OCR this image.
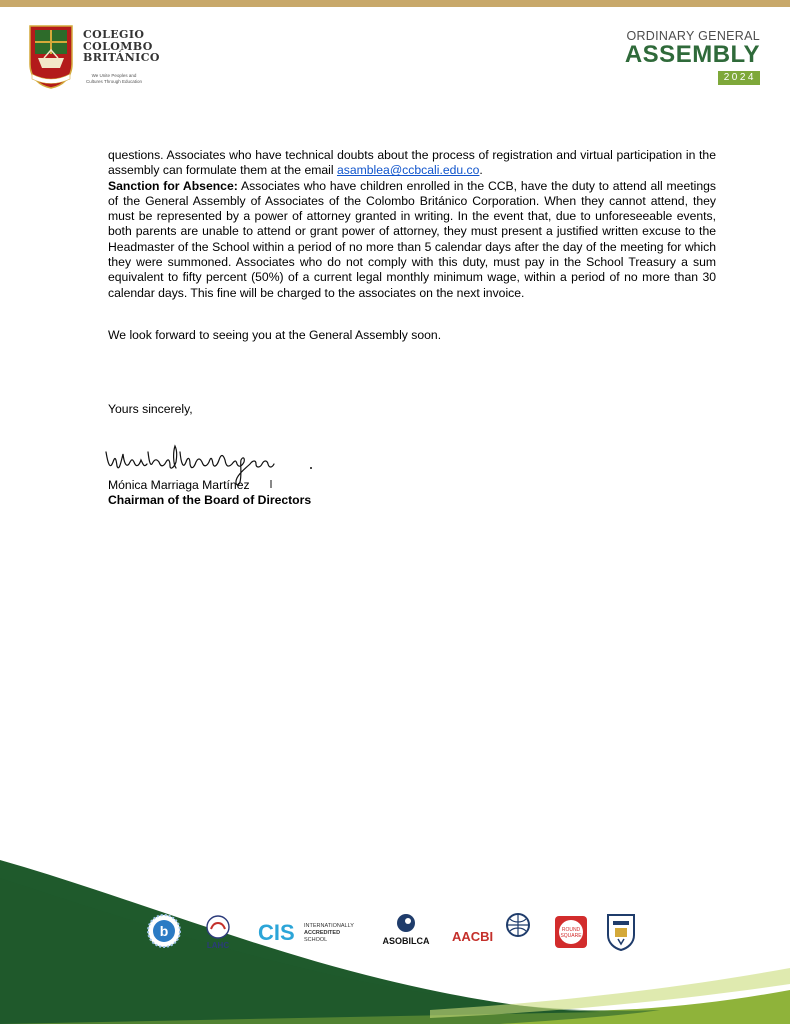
COLEGIO
COLOMBO
BRITÁNICO
We Unite Peoples and Cultures Through Education
ORDINARY GENERAL
ASSEMBLY
2024

questions. Associates who have technical doubts about the process of registration and virtual participation in the assembly can formulate them at the email asamblea@ccbcali.edu.co.

Sanction for Absence: Associates who have children enrolled in the CCB, have the duty to attend all meetings of the General Assembly of Associates of the Colombo Británico Corporation. When they cannot attend, they must be represented by a power of attorney granted in writing. In the event that, due to unforeseeable events, both parents are unable to attend or grant power of attorney, they must present a justified written excuse to the Headmaster of the School within a period of no more than 5 calendar days after the day of the meeting for which they were summoned. Associates who do not comply with this duty, must pay in the School Treasury a sum equivalent to fifty percent (50%) of a current legal monthly minimum wage, within a period of no more than 30 calendar days. This fine will be charged to the associates on the next invoice.

We look forward to seeing you at the General Assembly soon.
Yours sincerely,
Mónica Marriaga Martínez
Chairman of the Board of Directors
b
LAHC
CIS INTERNATIONALLY
ACCREDITED
SCHOOL	ASOBILCA AACBI	ROUND
SQUARE
